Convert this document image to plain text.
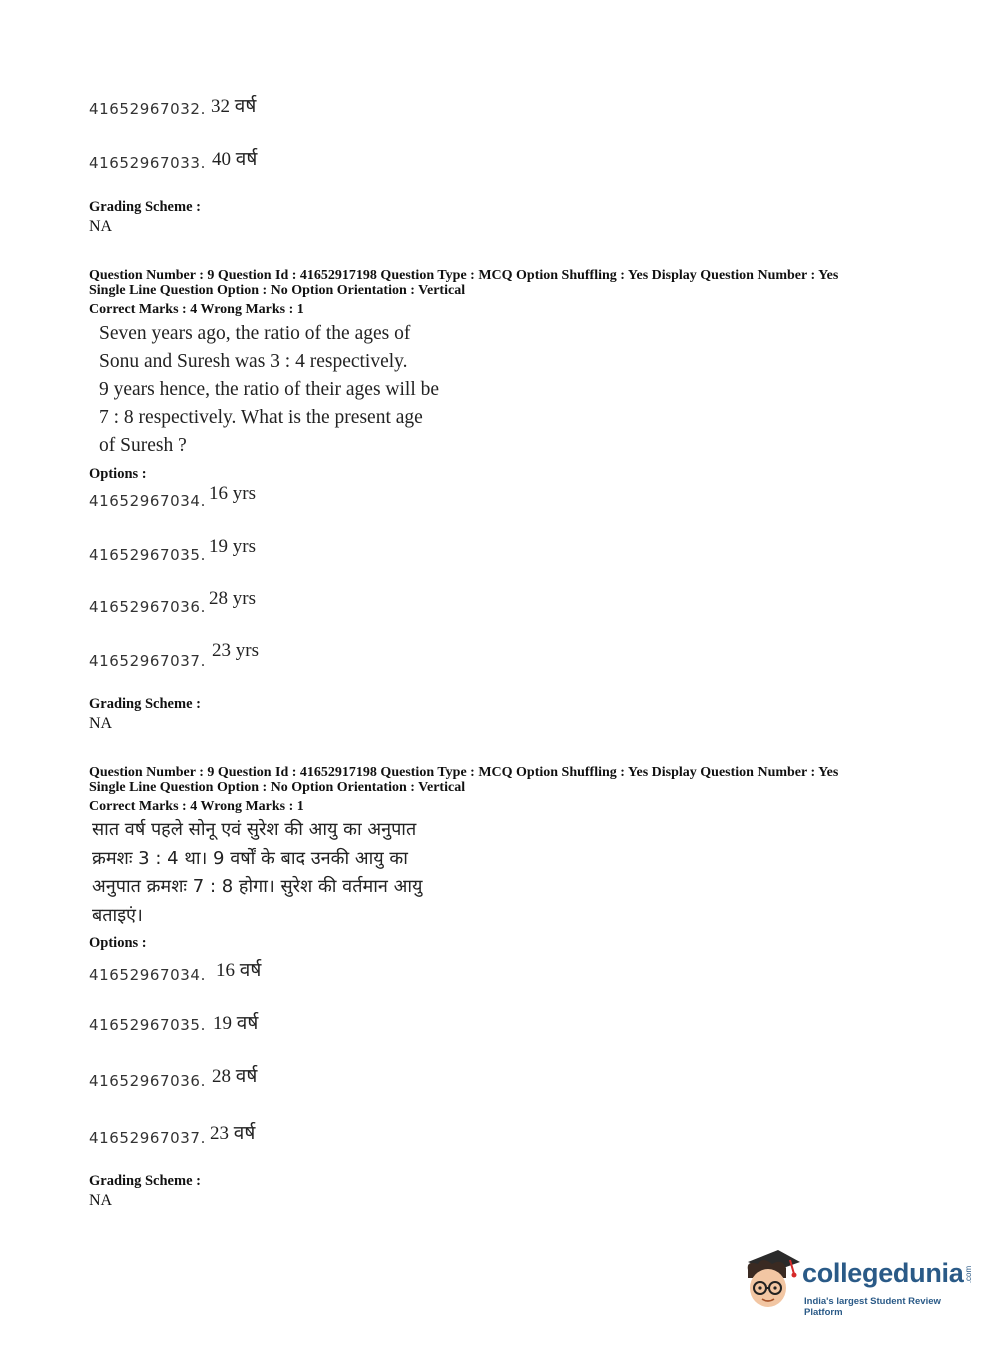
41652967032. 32 वर्ष
41652967033. 40 वर्ष
Grading Scheme :
NA
Question Number : 9 Question Id : 41652917198 Question Type : MCQ Option Shuffling : Yes Display Question Number : Yes
Single Line Question Option : No Option Orientation : Vertical
Correct Marks : 4 Wrong Marks : 1
Seven years ago, the ratio of the ages of
Sonu and Suresh was 3 : 4 respectively.
9 years hence, the ratio of their ages will be
7 : 8 respectively. What is the present age
of Suresh ?
Options :
41652967034. 16 yrs
41652967035. 19 yrs
41652967036. 28 yrs
41652967037. 23 yrs
Grading Scheme :
NA
Question Number : 9 Question Id : 41652917198 Question Type : MCQ Option Shuffling : Yes Display Question Number : Yes
Single Line Question Option : No Option Orientation : Vertical
Correct Marks : 4 Wrong Marks : 1
सात वर्ष पहले सोनू एवं सुरेश की आयु का अनुपात
क्रमशः 3 : 4 था। 9 वर्षों के बाद उनकी आयु का
अनुपात क्रमशः 7 : 8 होगा। सुरेश की वर्तमान आयु
बताइएं।
Options :
41652967034. 16 वर्ष
41652967035. 19 वर्ष
41652967036. 28 वर्ष
41652967037. 23 वर्ष
Grading Scheme :
NA
collegedunia .com
India's largest Student Review Platform
